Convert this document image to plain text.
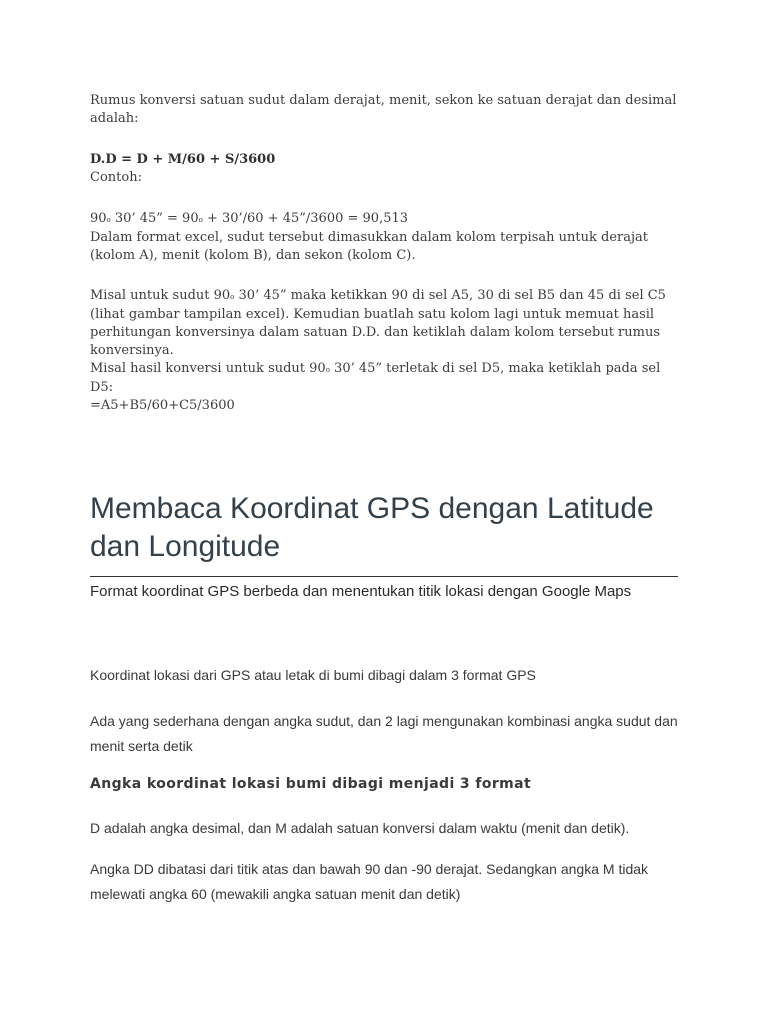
Rumus konversi satuan sudut dalam derajat, menit, sekon ke satuan derajat dan desimal adalah:

D.D = D + M/60 + S/3600

Contoh:

90o 30’ 45” = 90o + 30’/60 + 45”/3600 = 90,513

Dalam format excel, sudut tersebut dimasukkan dalam kolom terpisah untuk derajat (kolom A), menit (kolom B), dan sekon (kolom C).

Misal untuk sudut 90o 30’ 45” maka ketikkan 90 di sel A5, 30 di sel B5 dan 45 di sel C5 (lihat gambar tampilan excel). Kemudian buatlah satu kolom lagi untuk memuat hasil perhitungan konversinya dalam satuan D.D. dan ketiklah dalam kolom tersebut rumus konversinya.

Misal hasil konversi untuk sudut 90o 30’ 45” terletak di sel D5, maka ketiklah pada sel D5:

=A5+B5/60+C5/3600

Membaca Koordinat GPS dengan Latitude dan Longitude
Format koordinat GPS berbeda dan menentukan titik lokasi dengan Google Maps

Koordinat lokasi dari GPS atau letak di bumi dibagi dalam 3 format GPS

Ada yang sederhana dengan angka sudut, dan 2 lagi mengunakan kombinasi angka sudut dan menit serta detik

Angka koordinat lokasi bumi dibagi menjadi 3 format

D adalah angka desimal, dan M adalah satuan konversi dalam waktu (menit dan detik).

Angka DD dibatasi dari titik atas dan bawah 90 dan -90 derajat. Sedangkan angka M tidak melewati angka 60 (mewakili angka satuan menit dan detik)
